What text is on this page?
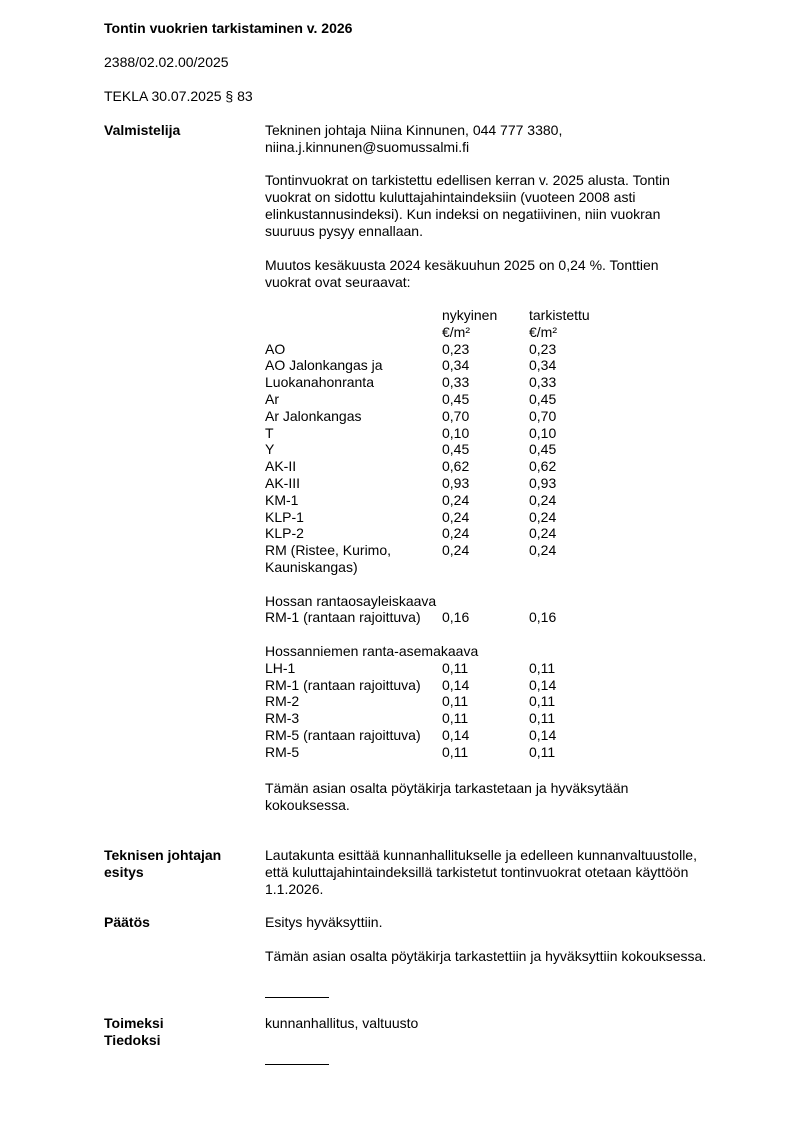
Tontin vuokrien tarkistaminen v. 2026
2388/02.02.00/2025
TEKLA 30.07.2025 § 83
Valmistelija	Tekninen johtaja Niina Kinnunen, 044 777 3380,

niina.j.kinnunen@suomussalmi.fi

Tontinvuokrat on tarkistettu edellisen kerran v. 2025 alusta. Tontin

vuokrat on sidottu kuluttajahintaindeksiin (vuoteen 2008 asti

elinkustannusindeksi). Kun indeksi on negatiivinen, niin vuokran

suuruus pysyy ennallaan.

Muutos kesäkuusta 2024 kesäkuuhun 2025 on 0,24 %. Tonttien

vuokrat ovat seuraavat:

nykyinen tarkistettu
€/m²	€/m²
AO	0,23	0,23
AO Jalonkangas ja	0,34	0,34
Luokanahonranta	0,33	0,33
Ar	0,45	0,45
Ar Jalonkangas	0,70	0,70
T	0,10	0,10
Y	0,45	0,45
AK-II	0,62	0,62
AK-III	0,93	0,93
KM-1	0,24	0,24
KLP-1	0,24	0,24
KLP-2	0,24	0,24
RM (Ristee, Kurimo,	0,24	0,24
Kauniskangas)
Hossan rantaosayleiskaava
RM-1 (rantaan rajoittuva) 0,16	0,16
Hossanniemen ranta-asemakaava
LH-1	0,11	0,11
RM-1 (rantaan rajoittuva) 0,14	0,14
RM-2	0,11	0,11
RM-3	0,11	0,11
RM-5 (rantaan rajoittuva) 0,14	0,14
RM-5	0,11	0,11

Tämän asian osalta pöytäkirja tarkastetaan ja hyväksytään

kokouksessa.

Teknisen johtajan
esitys

Lautakunta esittää kunnanhallitukselle ja edelleen kunnanvaltuustolle,

että kuluttajahintaindeksillä tarkistetut tontinvuokrat otetaan käyttöön

1.1.2026.

Päätös	Esitys hyväksyttiin.
Tämän asian osalta pöytäkirja tarkastettiin ja hyväksyttiin kokouksessa.
Toimeksi
Tiedoksi
kunnanhallitus, valtuusto
